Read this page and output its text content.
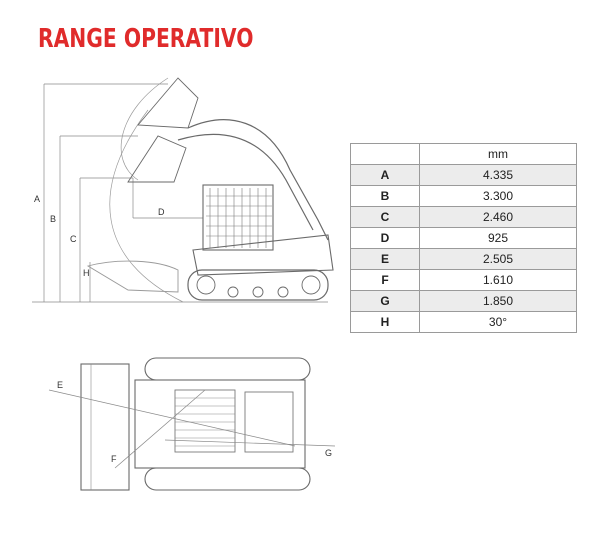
RANGE OPERATIVO
A
B
C
D
H
	mm
A	4.335
B	3.300
C	2.460
D	925
E	2.505
F	1.610
G	1.850
H	30°
E
F
G
